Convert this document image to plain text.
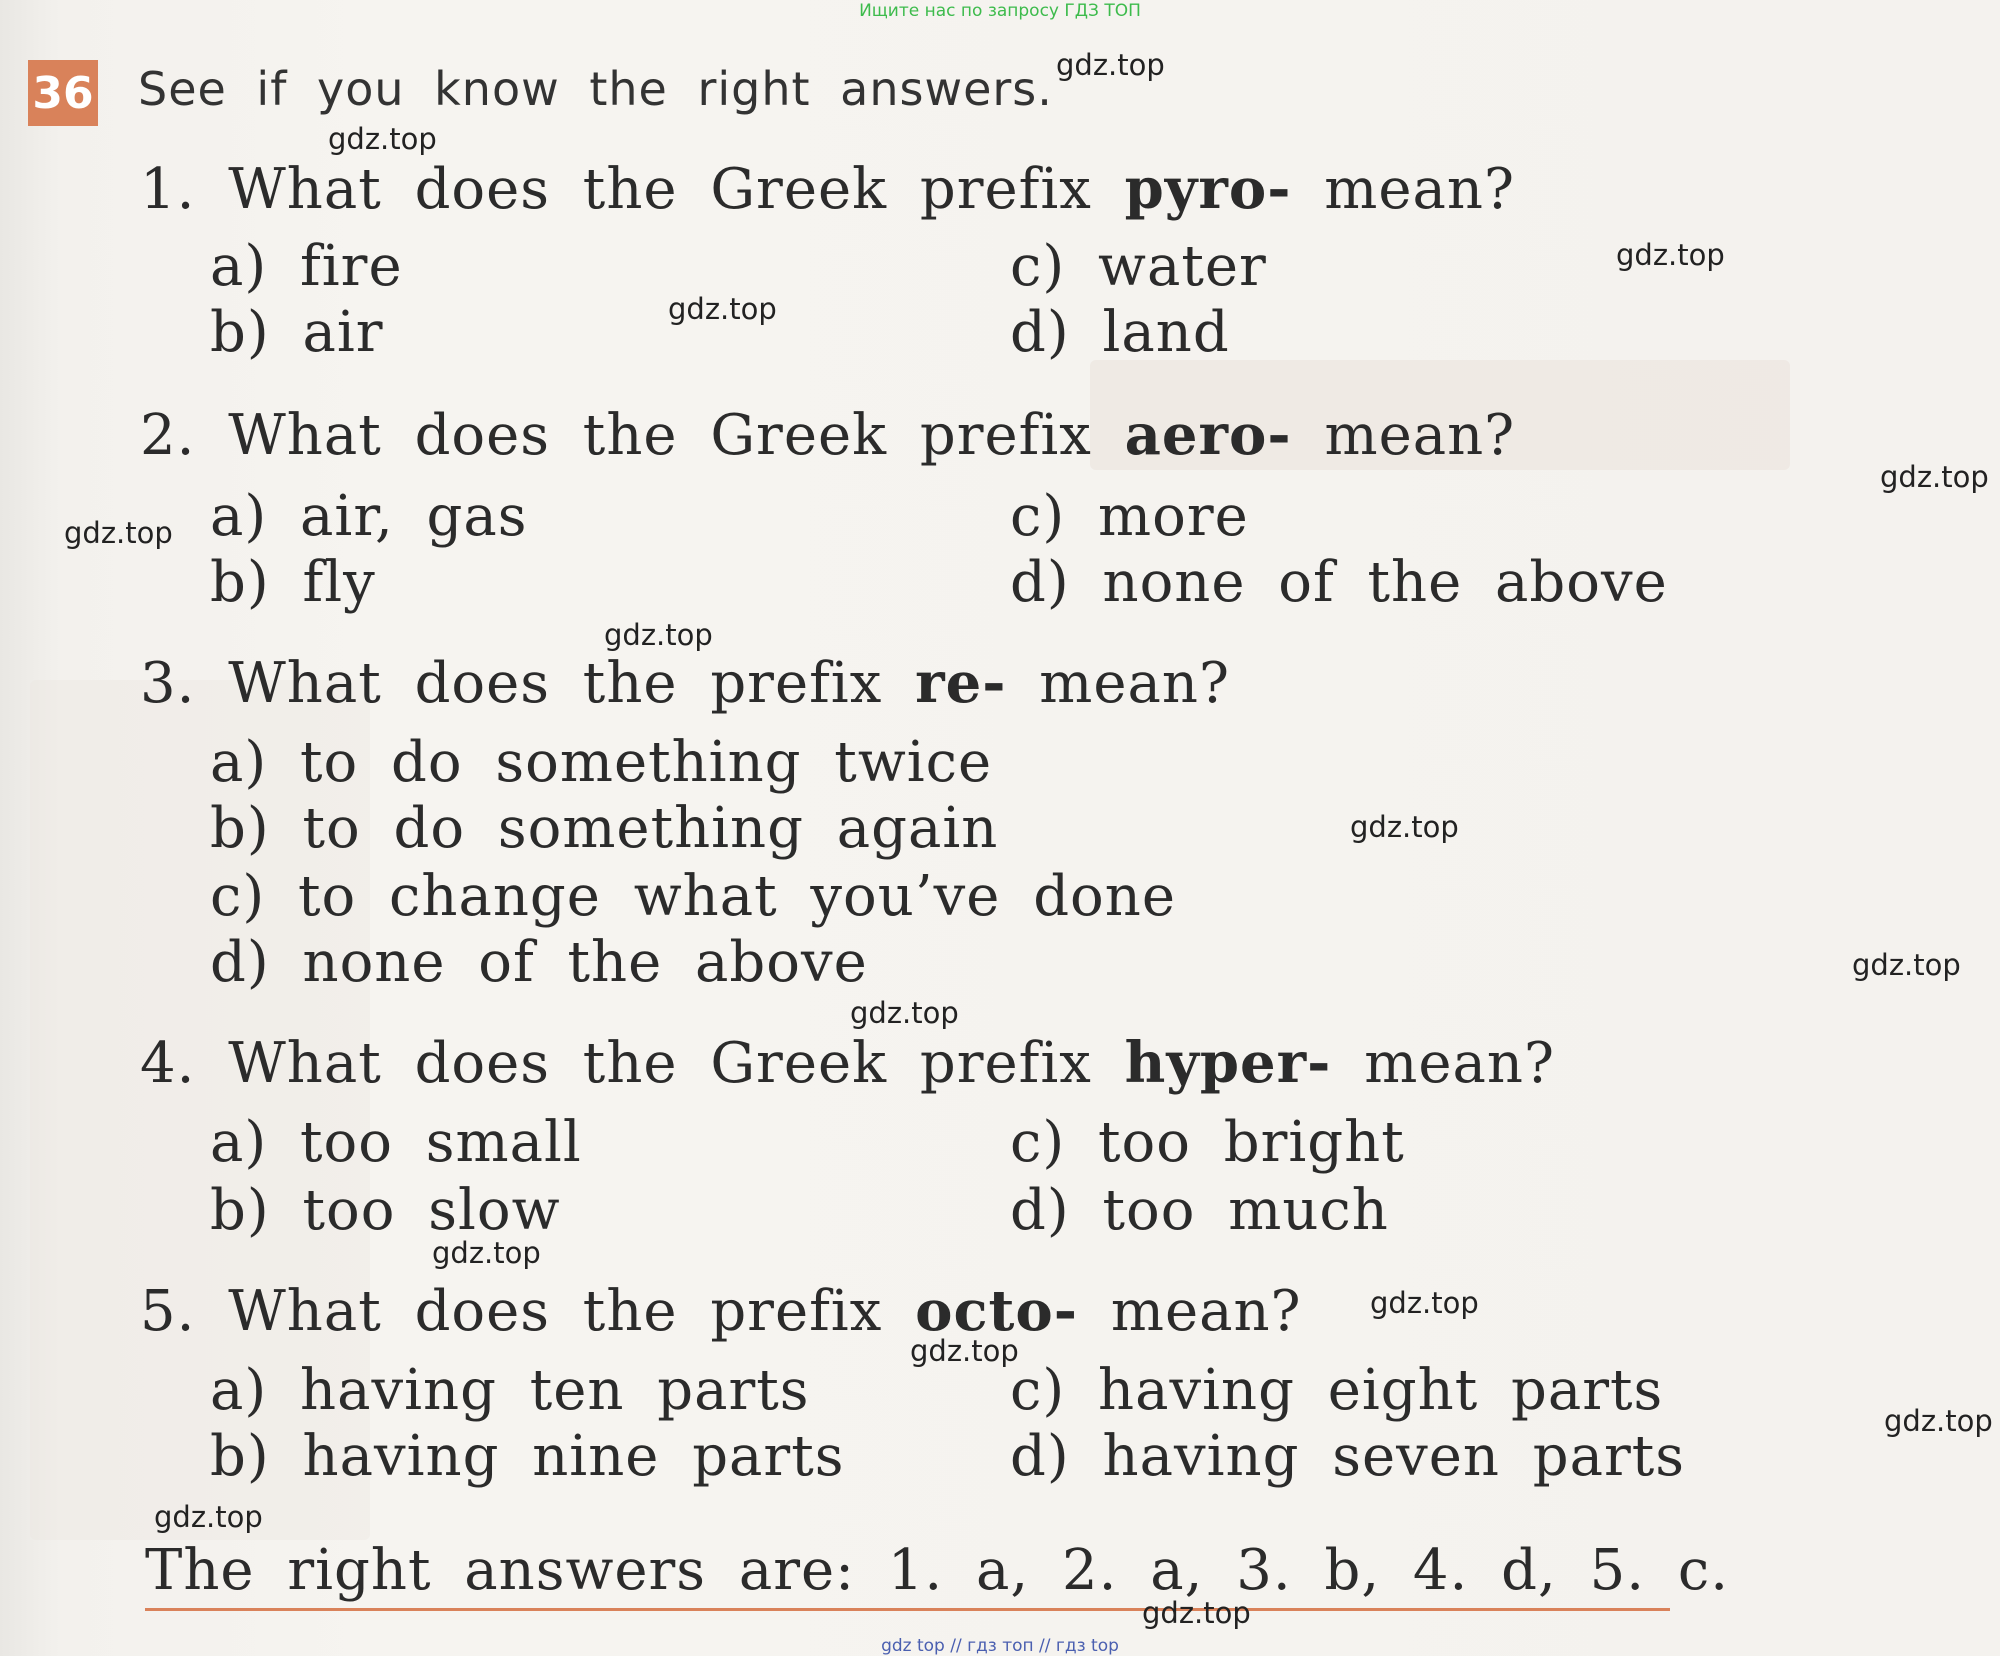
Ищите нас по запросу ГДЗ ТОП
36 See if you know the right answers.
1. What does the Greek prefix pyro- mean?
a) fire	c) water
b) air	d) land
2. What does the Greek prefix aero- mean?
a) air, gas	c) more
b) fly	d) none of the above
3. What does the prefix re- mean?
a) to do something twice
b) to do something again
c) to change what you’ve done
d) none of the above
4. What does the Greek prefix hyper- mean?
a) too small	c) too bright
b) too slow	d) too much
5. What does the prefix octo- mean?
a) having ten parts	c) having eight parts
b) having nine parts	d) having seven parts
The right answers are: 1. a, 2. a, 3. b, 4. d, 5. c.
gdz.top
gdz.top
gdz.top
gdz.top
gdz.top
gdz.top
gdz.top
gdz.top
gdz.top
gdz.top
gdz.top
gdz.top
gdz.top
gdz.top
gdz.top
gdz.top
gdz top // гдз топ // гдз top
